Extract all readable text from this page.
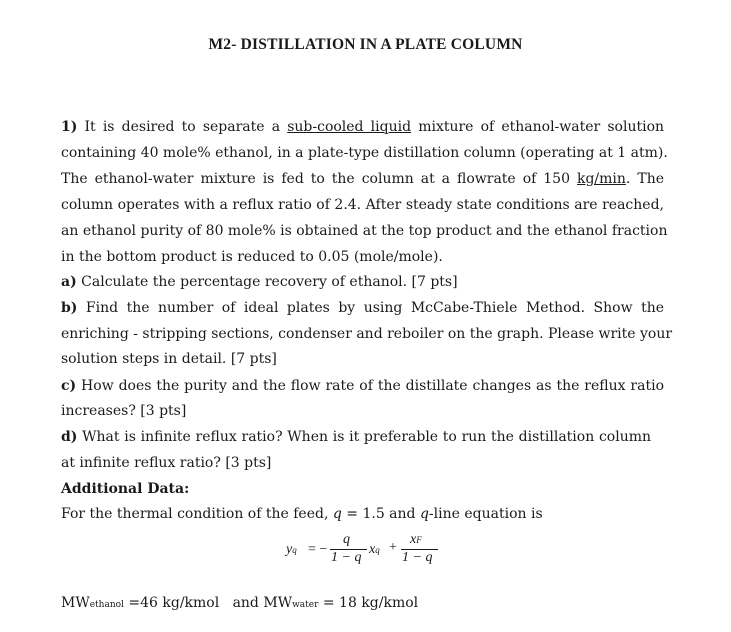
M2- DISTILLATION IN A PLATE COLUMN
1) It is desired to separate a sub-cooled liquid mixture of ethanol-water solution
containing 40 mole% ethanol, in a plate-type distillation column (operating at 1 atm).
The ethanol-water mixture is fed to the column at a flowrate of 150 kg/min. The
column operates with a reflux ratio of 2.4. After steady state conditions are reached,
an ethanol purity of 80 mole% is obtained at the top product and the ethanol fraction
in the bottom product is reduced to 0.05 (mole/mole).
a) Calculate the percentage recovery of ethanol. [7 pts]
b) Find the number of ideal plates by using McCabe-Thiele Method. Show the
enriching - stripping sections, condenser and reboiler on the graph. Please write your
solution steps in detail. [7 pts]
c) How does the purity and the flow rate of the distillate changes as the reflux ratio
increases? [3 pts]
d) What is infinite reflux ratio? When is it preferable to run the distillation column
at infinite reflux ratio? [3 pts]
Additional Data:
For the thermal condition of the feed, q = 1.5 and q-line equation is
yq = −
q
1 − q
xq +
xF
1 − q
MWethanol =46 kg/kmol   and MWwater = 18 kg/kmol
